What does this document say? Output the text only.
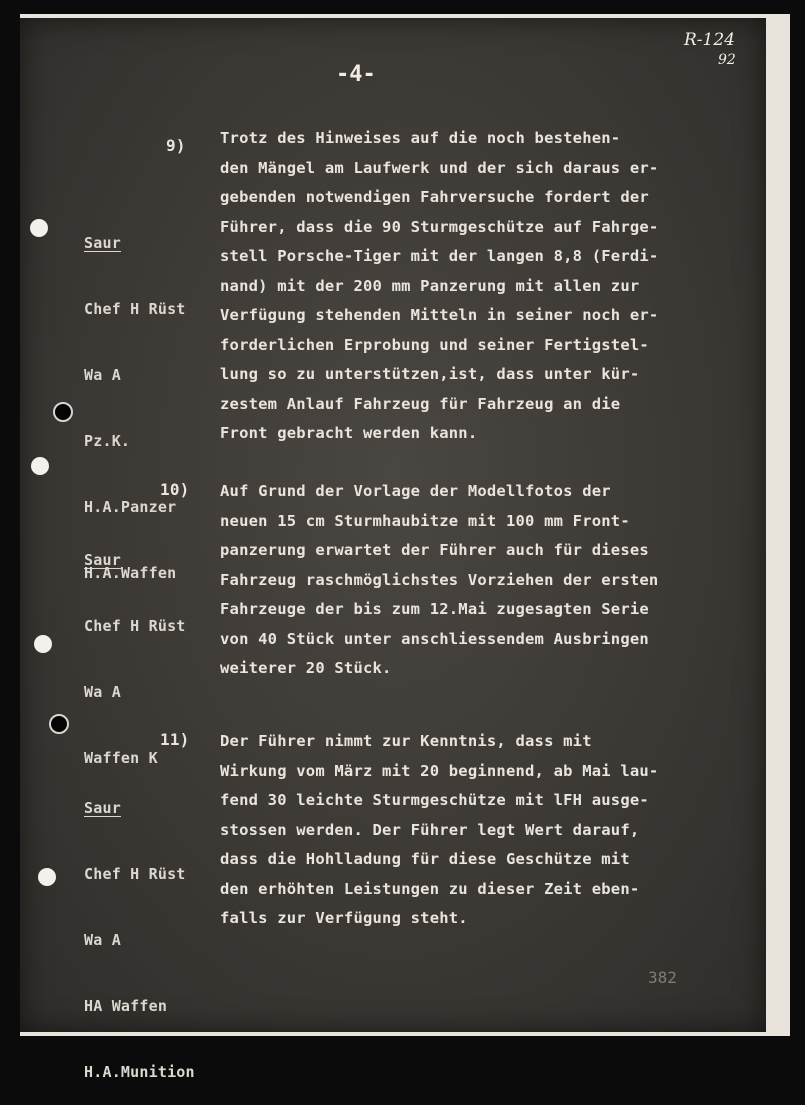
R-124
92
-4-
9)

Saur

Chef H Rüst

Wa A

Pz.K.

H.A.Panzer

H.A.Waffen

Trotz des Hinweises auf die noch bestehen-
den Mängel am Laufwerk und der sich daraus er-
gebenden notwendigen Fahrversuche fordert der
Führer, dass die 90 Sturmgeschütze auf Fahrge-
stell Porsche-Tiger mit der langen 8,8 (Ferdi-
nand) mit der 200 mm Panzerung mit allen zur
Verfügung stehenden Mitteln in seiner noch er-
forderlichen Erprobung und seiner Fertigstel-
lung so zu unterstützen,ist, dass unter kür-
zestem Anlauf Fahrzeug für Fahrzeug an die
Front gebracht werden kann.
10)

Saur

Chef H Rüst

Wa A

Waffen K

Auf Grund der Vorlage der Modellfotos der
neuen 15 cm Sturmhaubitze mit 100 mm Front-
panzerung erwartet der Führer auch für dieses
Fahrzeug raschmöglichstes Vorziehen der ersten
Fahrzeuge der bis zum 12.Mai zugesagten Serie
von 40 Stück unter anschliessendem Ausbringen
weiterer 20 Stück.
11)

Saur

Chef H Rüst

Wa A

HA Waffen

H.A.Munition

Der Führer nimmt zur Kenntnis, dass mit
Wirkung vom März mit 20 beginnend, ab Mai lau-
fend 30 leichte Sturmgeschütze mit lFH ausge-
stossen werden. Der Führer legt Wert darauf,
dass die Hohlladung für diese Geschütze mit
den erhöhten Leistungen zu dieser Zeit eben-
falls zur Verfügung steht.
382
